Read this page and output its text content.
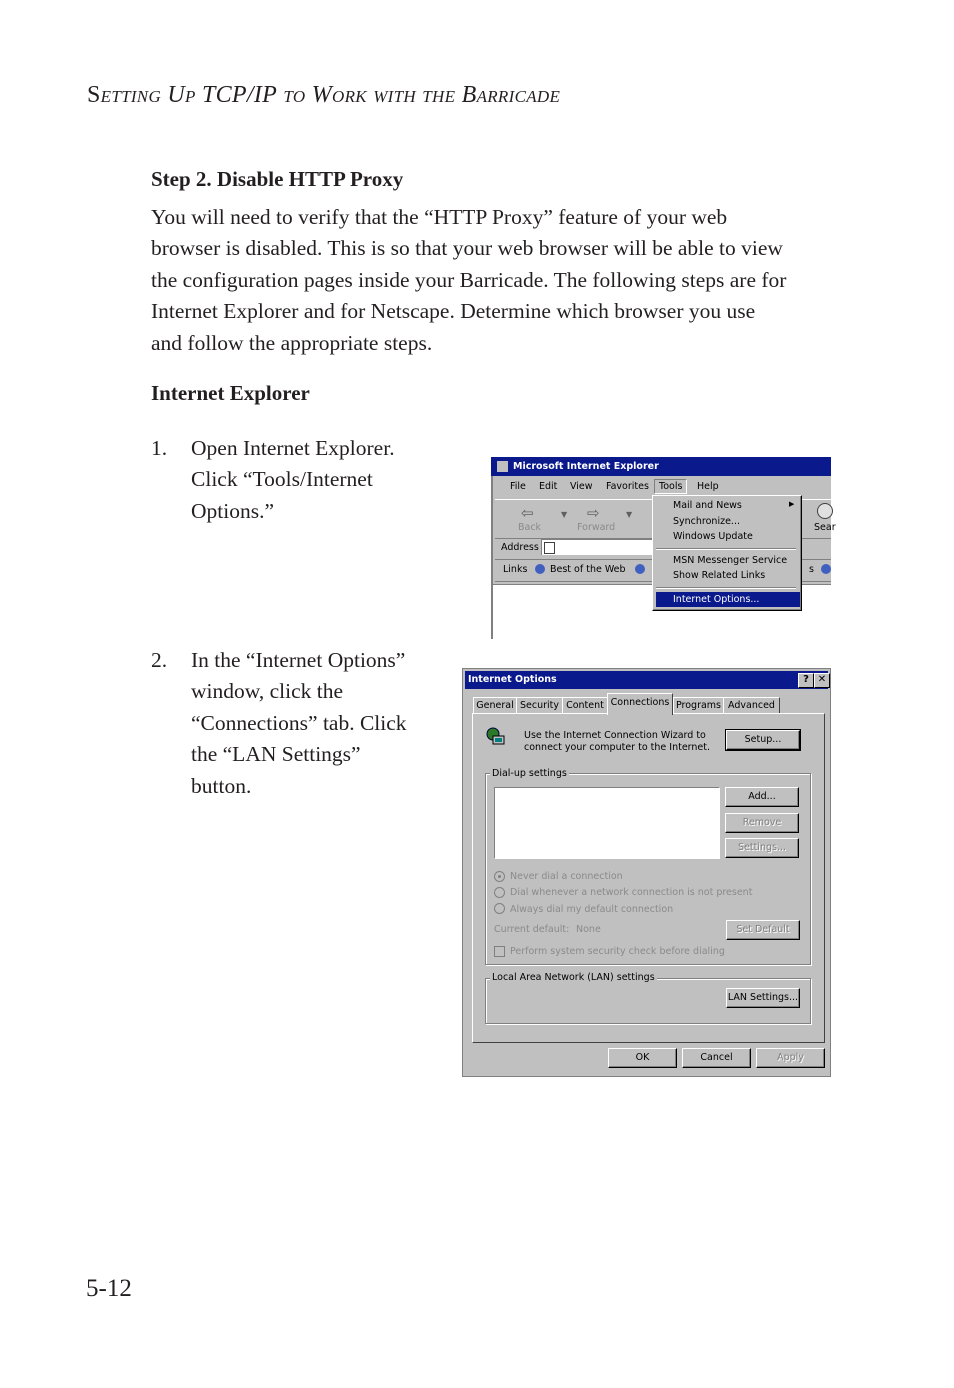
Setting Up TCP/IP to Work with the Barricade
Step 2. Disable HTTP Proxy
You will need to verify that the “HTTP Proxy” feature of your web
browser is disabled. This is so that your web browser will be able to view
the configuration pages inside your Barricade. The following steps are for
Internet Explorer and for Netscape. Determine which browser you use
and follow the appropriate steps.
Internet Explorer
1. Open Internet Explorer.
Click “Tools/Internet
Options.”
2. In the “Internet Options”
window, click the
“Connections” tab. Click
the “LAN Settings”
button.
Microsoft Internet Explorer
File Edit View Favorites	Tools	Help
⇦
Back
▼ ⇨
Forward
▼
Sear
Address
Links Best of the Web	s
Mail and News	▶
Synchronize...
Windows Update
MSN Messenger Service
Show Related Links
Internet Options...
Internet Options	? ✕
General Security Content Connections Programs Advanced
Use the Internet Connection Wizard to
connect your computer to the Internet.
Setup...
Dial-up settings
Add...
Remove
Settings...
Never dial a connection
Dial whenever a network connection is not present
Always dial my default connection
Current default: None	Set Default
Perform system security check before dialing
Local Area Network (LAN) settings
LAN Settings...
OK	Cancel	Apply
5-12
